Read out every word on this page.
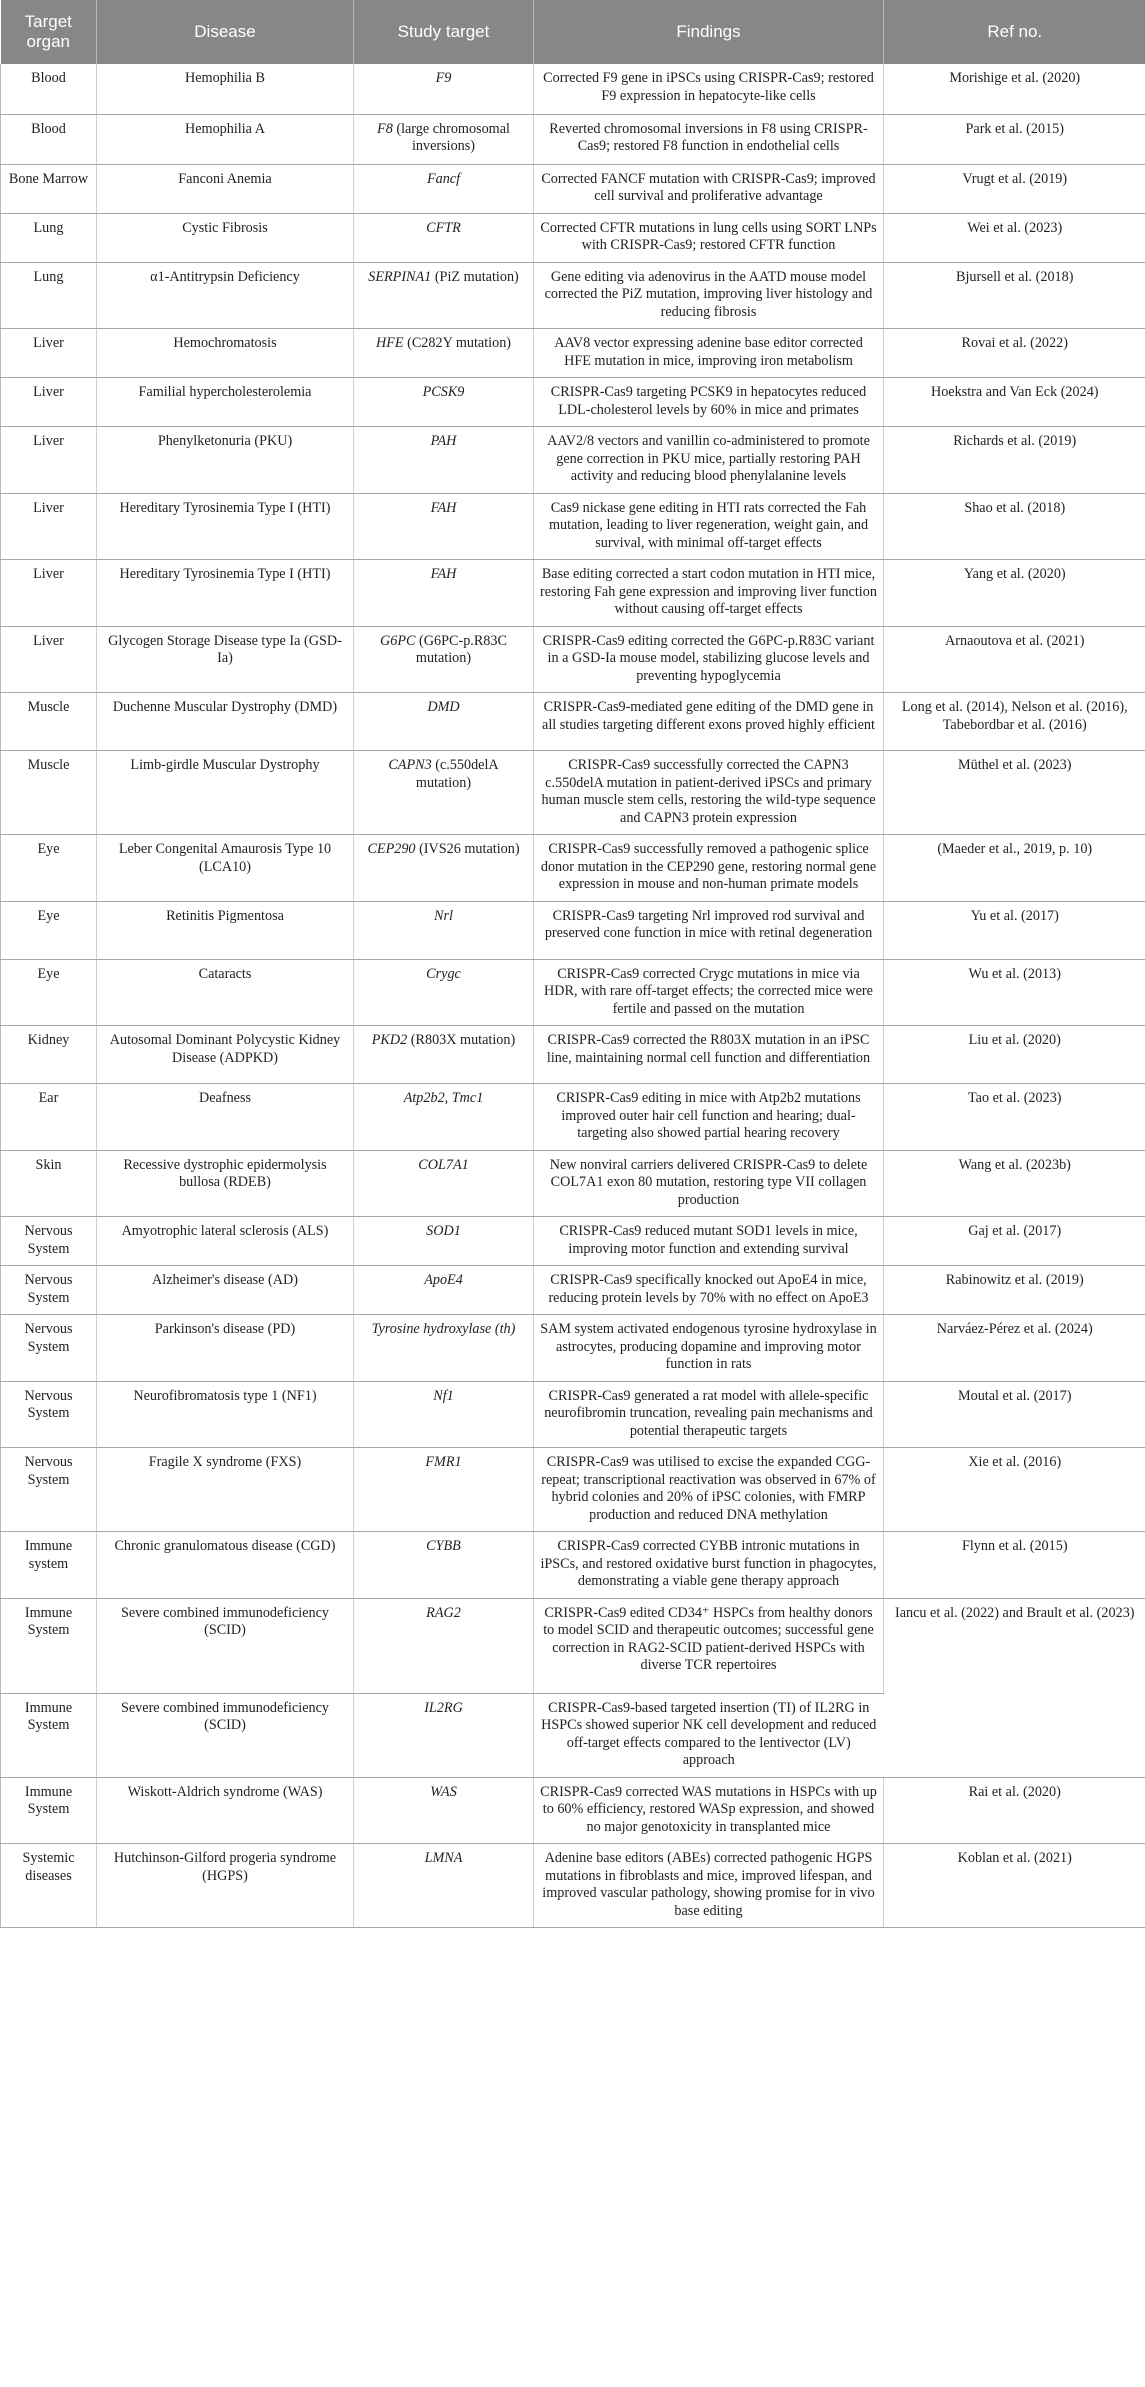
Target organ	Disease	Study target	Findings	Ref no.
Blood	Hemophilia B	F9	Corrected F9 gene in iPSCs using CRISPR-Cas9; restored F9 expression in hepatocyte-like cells	Morishige et al. (2020)
Blood	Hemophilia A	F8 (large chromosomal inversions)	Reverted chromosomal inversions in F8 using CRISPR-Cas9; restored F8 function in endothelial cells	Park et al. (2015)
Bone Marrow	Fanconi Anemia	Fancf	Corrected FANCF mutation with CRISPR-Cas9; improved cell survival and proliferative advantage	Vrugt et al. (2019)
Lung	Cystic Fibrosis	CFTR	Corrected CFTR mutations in lung cells using SORT LNPs with CRISPR-Cas9; restored CFTR function	Wei et al. (2023)
Lung	α1-Antitrypsin Deficiency	SERPINA1 (PiZ mutation)	Gene editing via adenovirus in the AATD mouse model corrected the PiZ mutation, improving liver histology and reducing fibrosis	Bjursell et al. (2018)
Liver	Hemochromatosis	HFE (C282Y mutation)	AAV8 vector expressing adenine base editor corrected HFE mutation in mice, improving iron metabolism	Rovai et al. (2022)
Liver	Familial hypercholesterolemia	PCSK9	CRISPR-Cas9 targeting PCSK9 in hepatocytes reduced LDL-cholesterol levels by 60% in mice and primates	Hoekstra and Van Eck (2024)
Liver	Phenylketonuria (PKU)	PAH	AAV2/8 vectors and vanillin co-administered to promote gene correction in PKU mice, partially restoring PAH activity and reducing blood phenylalanine levels	Richards et al. (2019)
Liver	Hereditary Tyrosinemia Type I (HTI)	FAH	Cas9 nickase gene editing in HTI rats corrected the Fah mutation, leading to liver regeneration, weight gain, and survival, with minimal off-target effects	Shao et al. (2018)
Liver	Hereditary Tyrosinemia Type I (HTI)	FAH	Base editing corrected a start codon mutation in HTI mice, restoring Fah gene expression and improving liver function without causing off-target effects	Yang et al. (2020)
Liver	Glycogen Storage Disease type Ia (GSD-Ia)	G6PC (G6PC-p.R83C mutation)	CRISPR-Cas9 editing corrected the G6PC-p.R83C variant in a GSD-Ia mouse model, stabilizing glucose levels and preventing hypoglycemia	Arnaoutova et al. (2021)
Muscle	Duchenne Muscular Dystrophy (DMD)	DMD	CRISPR-Cas9-mediated gene editing of the DMD gene in all studies targeting different exons proved highly efficient	Long et al. (2014), Nelson et al. (2016), Tabebordbar et al. (2016)
Muscle	Limb-girdle Muscular Dystrophy	CAPN3 (c.550delA mutation)	CRISPR-Cas9 successfully corrected the CAPN3 c.550delA mutation in patient-derived iPSCs and primary human muscle stem cells, restoring the wild-type sequence and CAPN3 protein expression	Müthel et al. (2023)
Eye	Leber Congenital Amaurosis Type 10 (LCA10)	CEP290 (IVS26 mutation)	CRISPR-Cas9 successfully removed a pathogenic splice donor mutation in the CEP290 gene, restoring normal gene expression in mouse and non-human primate models	(Maeder et al., 2019, p. 10)
Eye	Retinitis Pigmentosa	Nrl	CRISPR-Cas9 targeting Nrl improved rod survival and preserved cone function in mice with retinal degeneration	Yu et al. (2017)
Eye	Cataracts	Crygc	CRISPR-Cas9 corrected Crygc mutations in mice via HDR, with rare off-target effects; the corrected mice were fertile and passed on the mutation	Wu et al. (2013)
Kidney	Autosomal Dominant Polycystic Kidney Disease (ADPKD)	PKD2 (R803X mutation)	CRISPR-Cas9 corrected the R803X mutation in an iPSC line, maintaining normal cell function and differentiation	Liu et al. (2020)
Ear	Deafness	Atp2b2, Tmc1	CRISPR-Cas9 editing in mice with Atp2b2 mutations improved outer hair cell function and hearing; dual-targeting also showed partial hearing recovery	Tao et al. (2023)
Skin	Recessive dystrophic epidermolysis bullosa (RDEB)	COL7A1	New nonviral carriers delivered CRISPR-Cas9 to delete COL7A1 exon 80 mutation, restoring type VII collagen production	Wang et al. (2023b)
Nervous System	Amyotrophic lateral sclerosis (ALS)	SOD1	CRISPR-Cas9 reduced mutant SOD1 levels in mice, improving motor function and extending survival	Gaj et al. (2017)
Nervous System	Alzheimer's disease (AD)	ApoE4	CRISPR-Cas9 specifically knocked out ApoE4 in mice, reducing protein levels by 70% with no effect on ApoE3	Rabinowitz et al. (2019)
Nervous System	Parkinson's disease (PD)	Tyrosine hydroxylase (th)	SAM system activated endogenous tyrosine hydroxylase in astrocytes, producing dopamine and improving motor function in rats	Narváez-Pérez et al. (2024)
Nervous System	Neurofibromatosis type 1 (NF1)	Nf1	CRISPR-Cas9 generated a rat model with allele-specific neurofibromin truncation, revealing pain mechanisms and potential therapeutic targets	Moutal et al. (2017)
Nervous System	Fragile X syndrome (FXS)	FMR1	CRISPR-Cas9 was utilised to excise the expanded CGG-repeat; transcriptional reactivation was observed in 67% of hybrid colonies and 20% of iPSC colonies, with FMRP production and reduced DNA methylation	Xie et al. (2016)
Immune system	Chronic granulomatous disease (CGD)	CYBB	CRISPR-Cas9 corrected CYBB intronic mutations in iPSCs, and restored oxidative burst function in phagocytes, demonstrating a viable gene therapy approach	Flynn et al. (2015)
Immune System	Severe combined immunodeficiency (SCID)	RAG2	CRISPR-Cas9 edited CD34⁺ HSPCs from healthy donors to model SCID and therapeutic outcomes; successful gene correction in RAG2-SCID patient-derived HSPCs with diverse TCR repertoires	Iancu et al. (2022) and Brault et al. (2023)
Immune System	Severe combined immunodeficiency (SCID)	IL2RG	CRISPR-Cas9-based targeted insertion (TI) of IL2RG in HSPCs showed superior NK cell development and reduced off-target effects compared to the lentivector (LV) approach	
Immune System	Wiskott-Aldrich syndrome (WAS)	WAS	CRISPR-Cas9 corrected WAS mutations in HSPCs with up to 60% efficiency, restored WASp expression, and showed no major genotoxicity in transplanted mice	Rai et al. (2020)
Systemic diseases	Hutchinson-Gilford progeria syndrome (HGPS)	LMNA	Adenine base editors (ABEs) corrected pathogenic HGPS mutations in fibroblasts and mice, improved lifespan, and improved vascular pathology, showing promise for in vivo base editing	Koblan et al. (2021)
